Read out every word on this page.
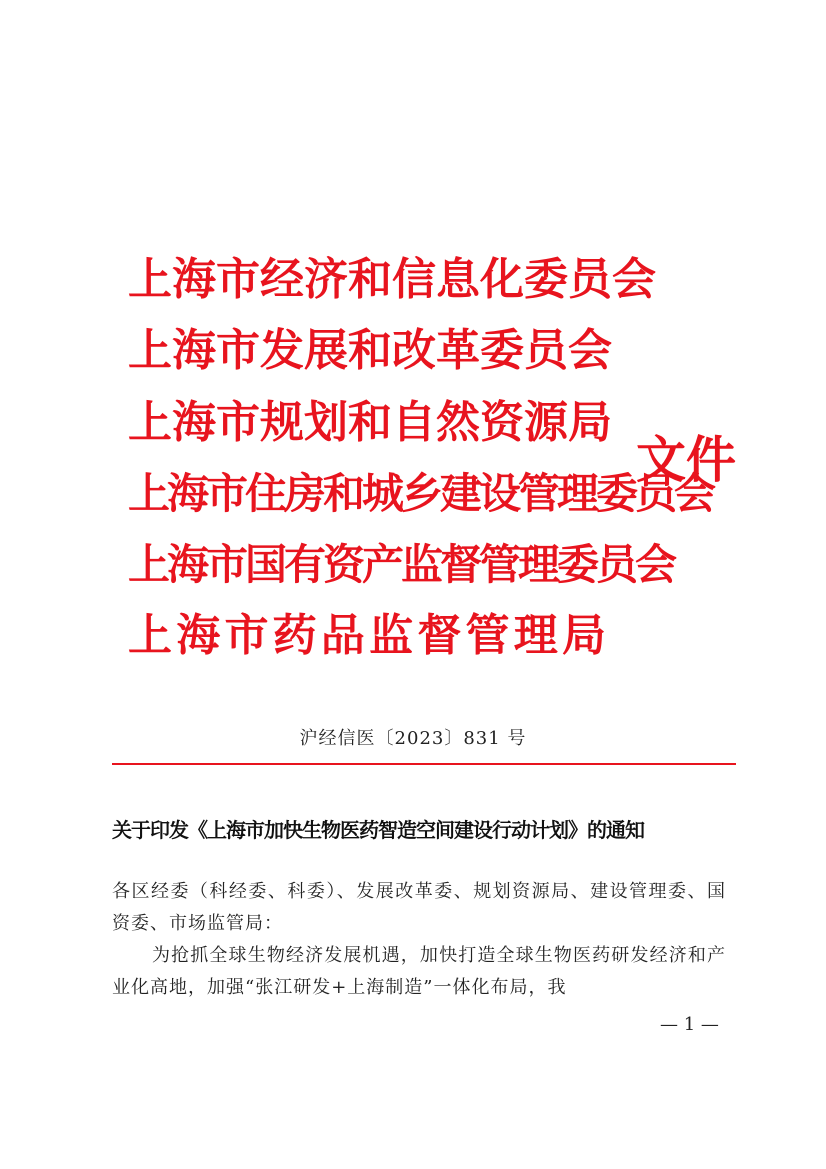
上海市经济和信息化委员会
上海市发展和改革委员会
上海市规划和自然资源局
上海市住房和城乡建设管理委员会
上海市国有资产监督管理委员会
上海市药品监督管理局
文件
沪经信医〔2023〕831 号
关于印发《上海市加快生物医药智造空间建设行动计划》的通知
各区经委（科经委、科委）、发展改革委、规划资源局、建设管理委、国资委、市场监管局：
为抢抓全球生物经济发展机遇，加快打造全球生物医药研发经济和产业化高地，加强“张江研发+上海制造”一体化布局，我
— 1 —
